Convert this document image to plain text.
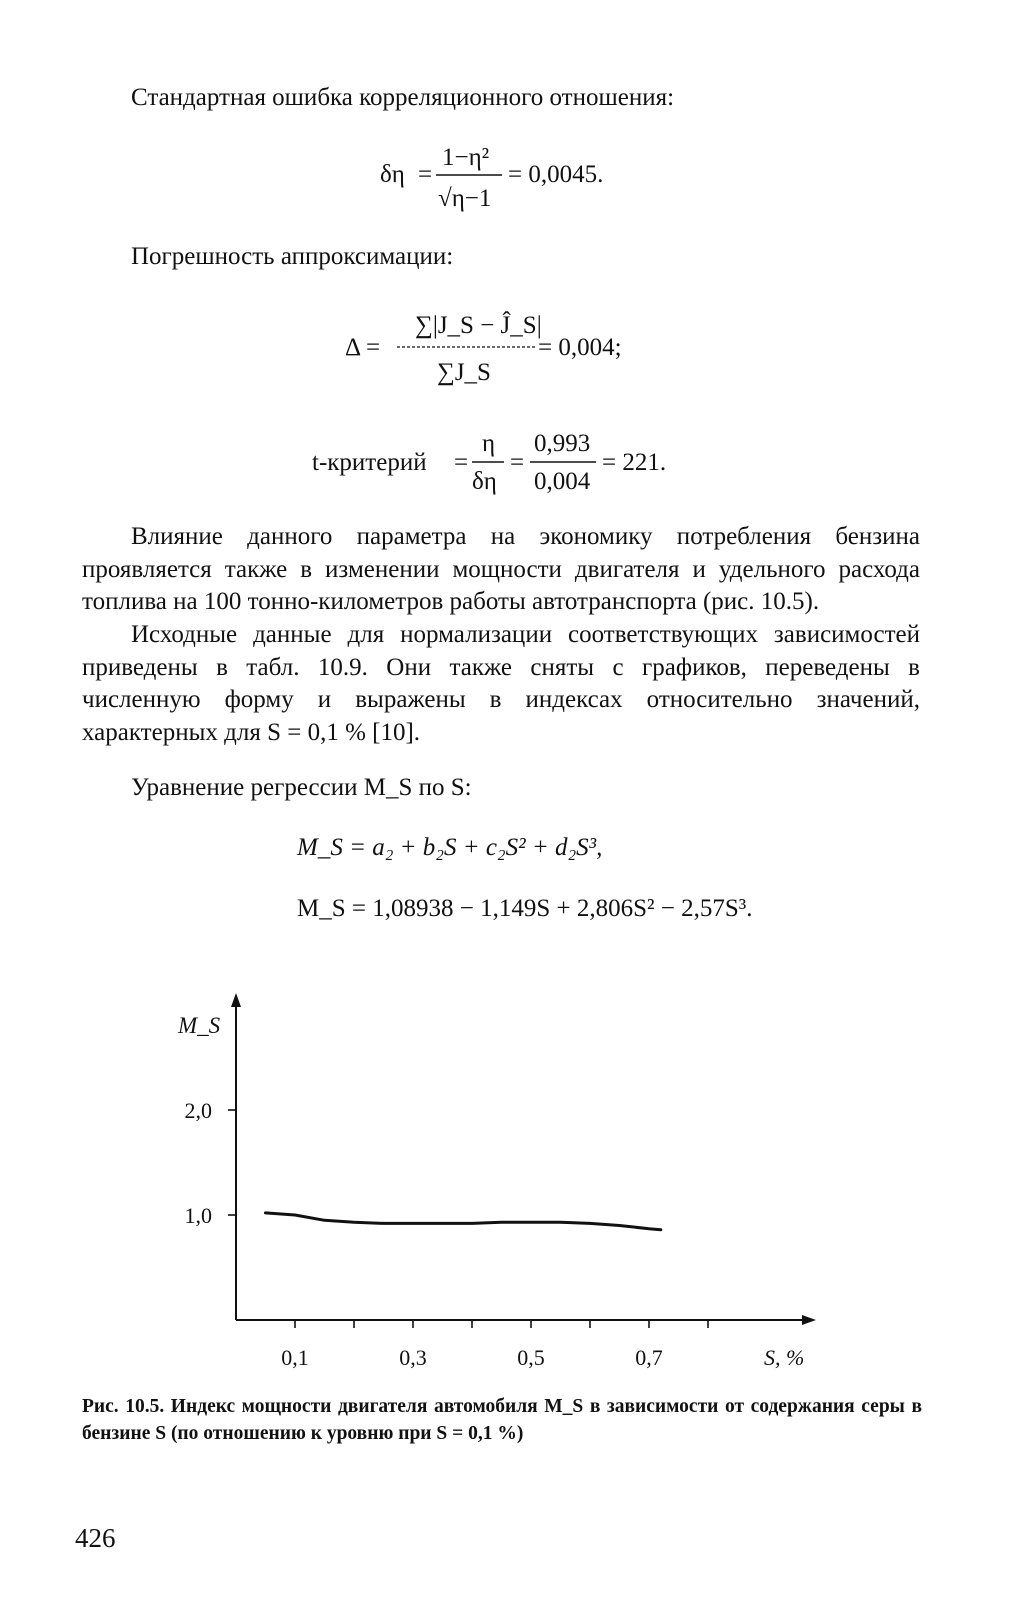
Стандартная ошибка корреляционного отношения:
δη =
1−η²
√η−1
= 0,0045.
Погрешность аппроксимации:
Δ =
∑|J_S − Ĵ_S|
∑J_S
= 0,004;
t-критерий =
η
δη
=
0,993
0,004
= 221.

Влияние данного параметра на экономику потребления бензина проявляется также в изменении мощности двигателя и удельного расхода топлива на 100 тонно-километров работы автотранспорта (рис. 10.5).

Исходные данные для нормализации соответствующих зависимостей приведены в табл. 10.9. Они также сняты с графиков, переведены в численную форму и выражены в индексах относительно значений, характерных для S = 0,1 % [10].

Уравнение регрессии M_S по S:
M_S = a₂ + b₂S + c₂S² + d₂S³,
M_S = 1,08938 − 1,149S + 2,806S² − 2,57S³.
0,1	0,3	0,5	0,7
1,0
2,0
M_S
S, %

Рис. 10.5. Индекс мощности двигателя автомобиля M_S в зависимости от содержания серы в бензине S (по отношению к уровню при S = 0,1 %)

426
